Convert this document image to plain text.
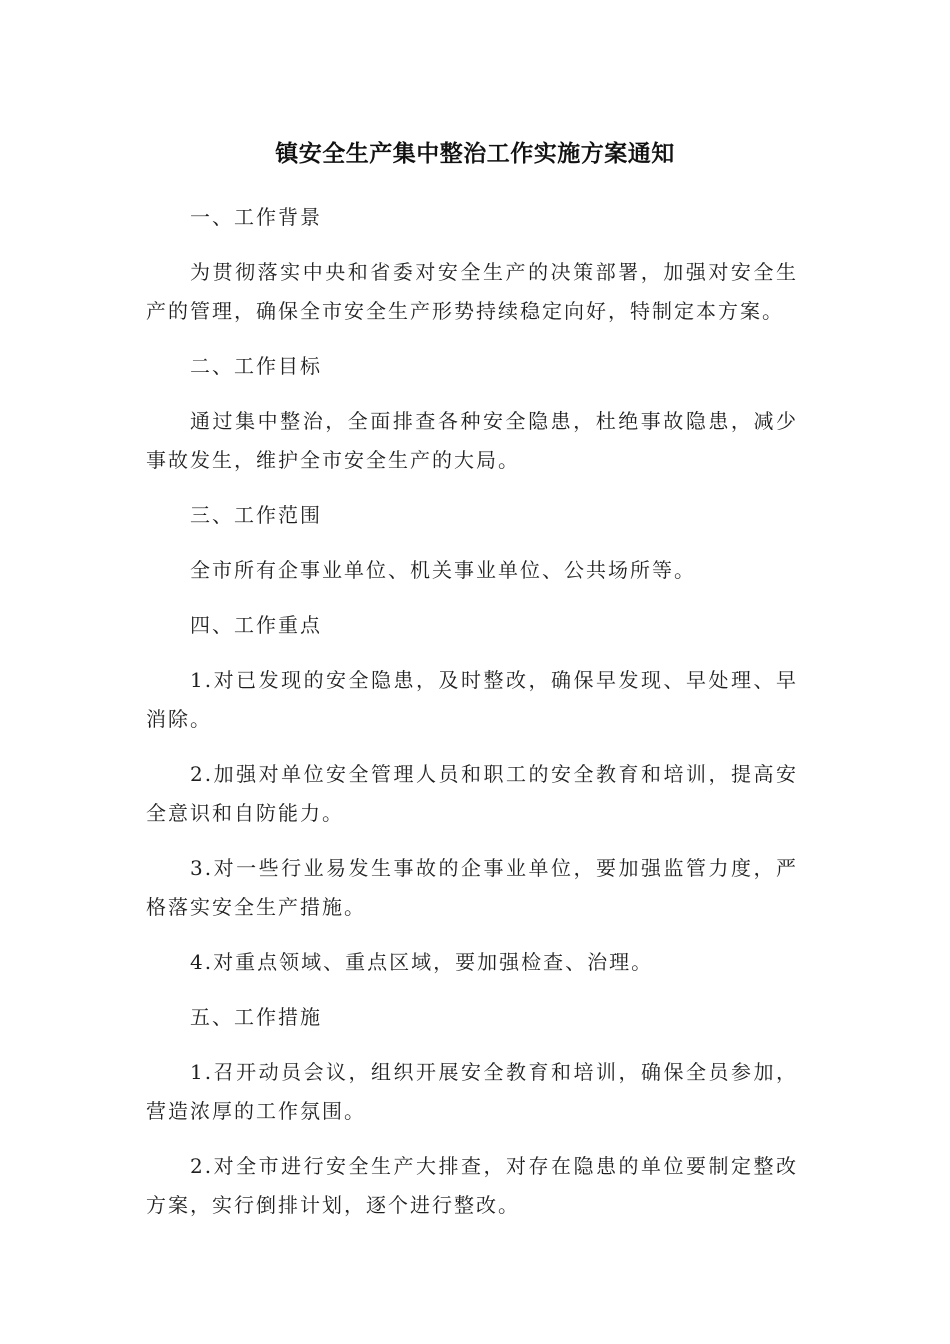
镇安全生产集中整治工作实施方案通知

一、工作背景

为贯彻落实中央和省委对安全生产的决策部署，加强对安全生产的管理，确保全市安全生产形势持续稳定向好，特制定本方案。

二、工作目标

通过集中整治，全面排查各种安全隐患，杜绝事故隐患，减少事故发生，维护全市安全生产的大局。

三、工作范围

全市所有企事业单位、机关事业单位、公共场所等。

四、工作重点

1.对已发现的安全隐患，及时整改，确保早发现、早处理、早消除。

2.加强对单位安全管理人员和职工的安全教育和培训，提高安全意识和自防能力。

3.对一些行业易发生事故的企事业单位，要加强监管力度，严格落实安全生产措施。

4.对重点领域、重点区域，要加强检查、治理。

五、工作措施

1.召开动员会议，组织开展安全教育和培训，确保全员参加，营造浓厚的工作氛围。

2.对全市进行安全生产大排查，对存在隐患的单位要制定整改方案，实行倒排计划，逐个进行整改。
